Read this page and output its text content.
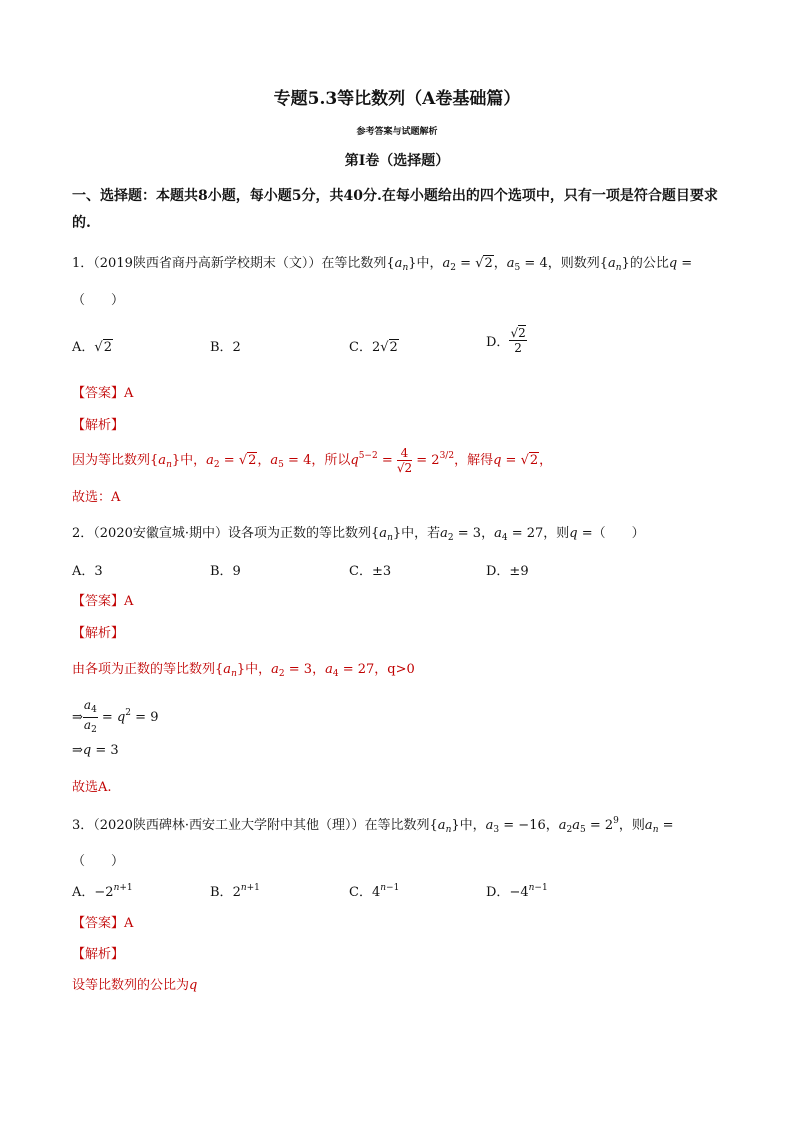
专题5.3等比数列（A卷基础篇）
参考答案与试题解析
第Ⅰ卷（选择题）
一、选择题：本题共8小题，每小题5分，共40分.在每小题给出的四个选项中，只有一项是符合题目要求的.
1．（2019陕西省商丹高新学校期末（文））在等比数列$\{a_n\}$中，$a_2 = √2$，$a_5 = 4$，则数列$\{a_n\}$的公比q =
（　　）
A．√2	B．2	C．2√2	D． $\frac{√2}{2}$
【答案】A
【解析】
因为等比数列$\{a_n\}$中，$a_2 = √2$，$a_5 = 4$，所以$q^{5-2} = \frac{4}{√2} = 2^{3/2}$，解得q = √2，
故选：A
2．（2020安徽宣城·期中）设各项为正数的等比数列$\{a_n\}$中，若$a_2 = 3$，$a_4 = 27$，则q =（　　）
A．3	B．9	C．±3	D．±9
【答案】A
【解析】
由各项为正数的等比数列$\{a_n\}$中，$a_2 = 3$，$a_4 = 27$，q>0
⇒ $\frac{a_4}{a_2} = q^2 = 9$
⇒q = 3
故选A.
3．（2020陕西碑林·西安工业大学附中其他（理））在等比数列$\{a_n\}$中，$a_3 = -16$，$a_2a_5 = 2^9$，则$a_n$ =
（　　）
A．$-2^{n+1}$	B．$2^{n+1}$	C．$4^{n-1}$	D．$-4^{n-1}$
【答案】A
【解析】
设等比数列的公比为q
